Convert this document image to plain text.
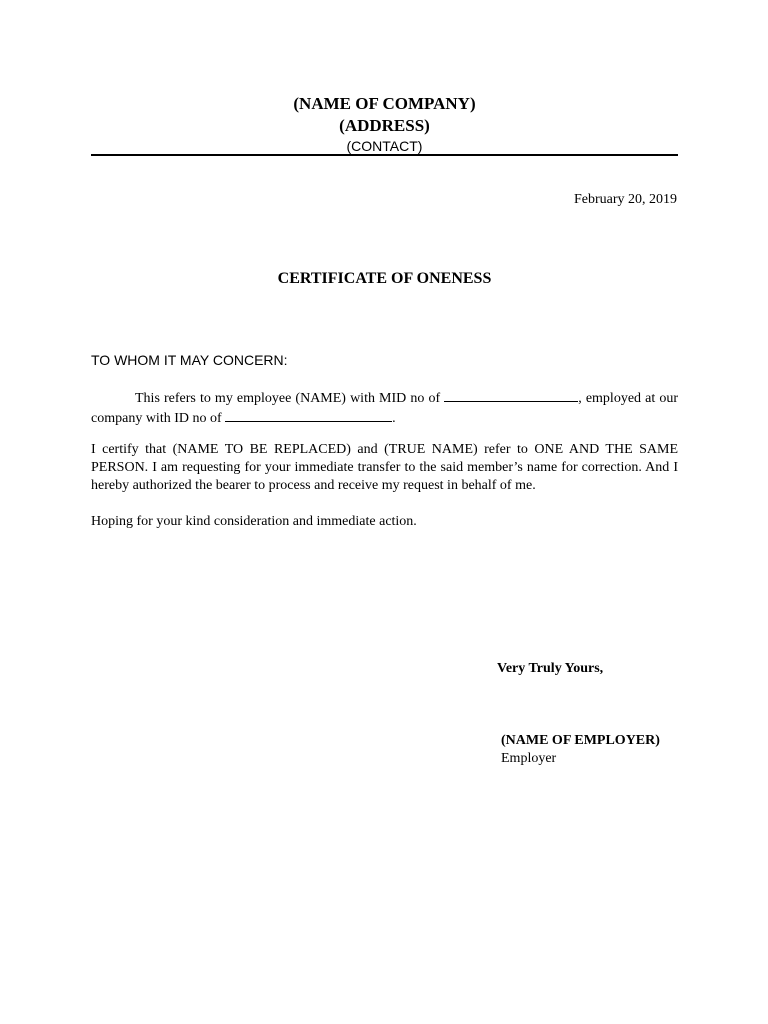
(NAME OF COMPANY)
(ADDRESS)
(CONTACT)
February 20, 2019
CERTIFICATE OF ONENESS
TO WHOM IT MAY CONCERN:
This refers to my employee (NAME) with MID no of	, employed at our company with ID no of	.
I certify that (NAME TO BE REPLACED) and (TRUE NAME) refer to ONE AND THE SAME PERSON. I am requesting for your immediate transfer to the said member’s name for correction. And I hereby authorized the bearer to process and receive my request in behalf of me.
Hoping for your kind consideration and immediate action.
Very Truly Yours,
(NAME OF EMPLOYER)
Employer
